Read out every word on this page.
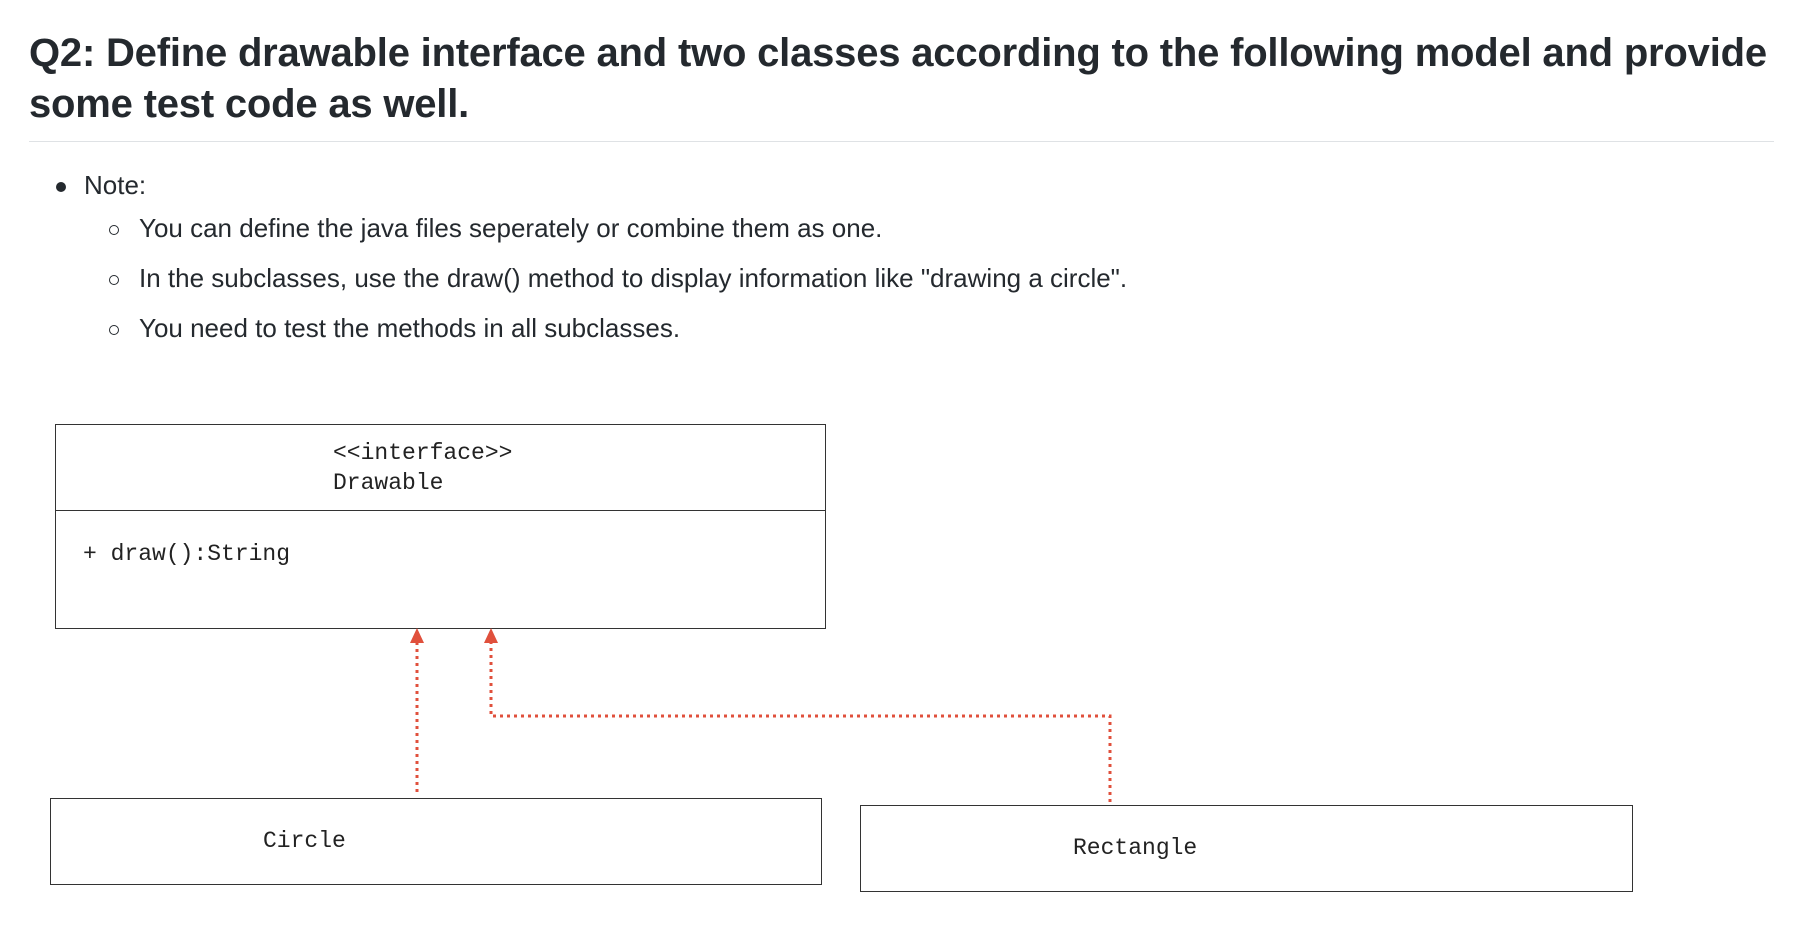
Q2: Define drawable interface and two classes according to the following model and provide
some test code as well.
Note:
You can define the java files seperately or combine them as one.
In the subclasses, use the draw() method to display information like "drawing a circle".
You need to test the methods in all subclasses.
<<interface>>
Drawable
+ draw():String
Circle	Rectangle
